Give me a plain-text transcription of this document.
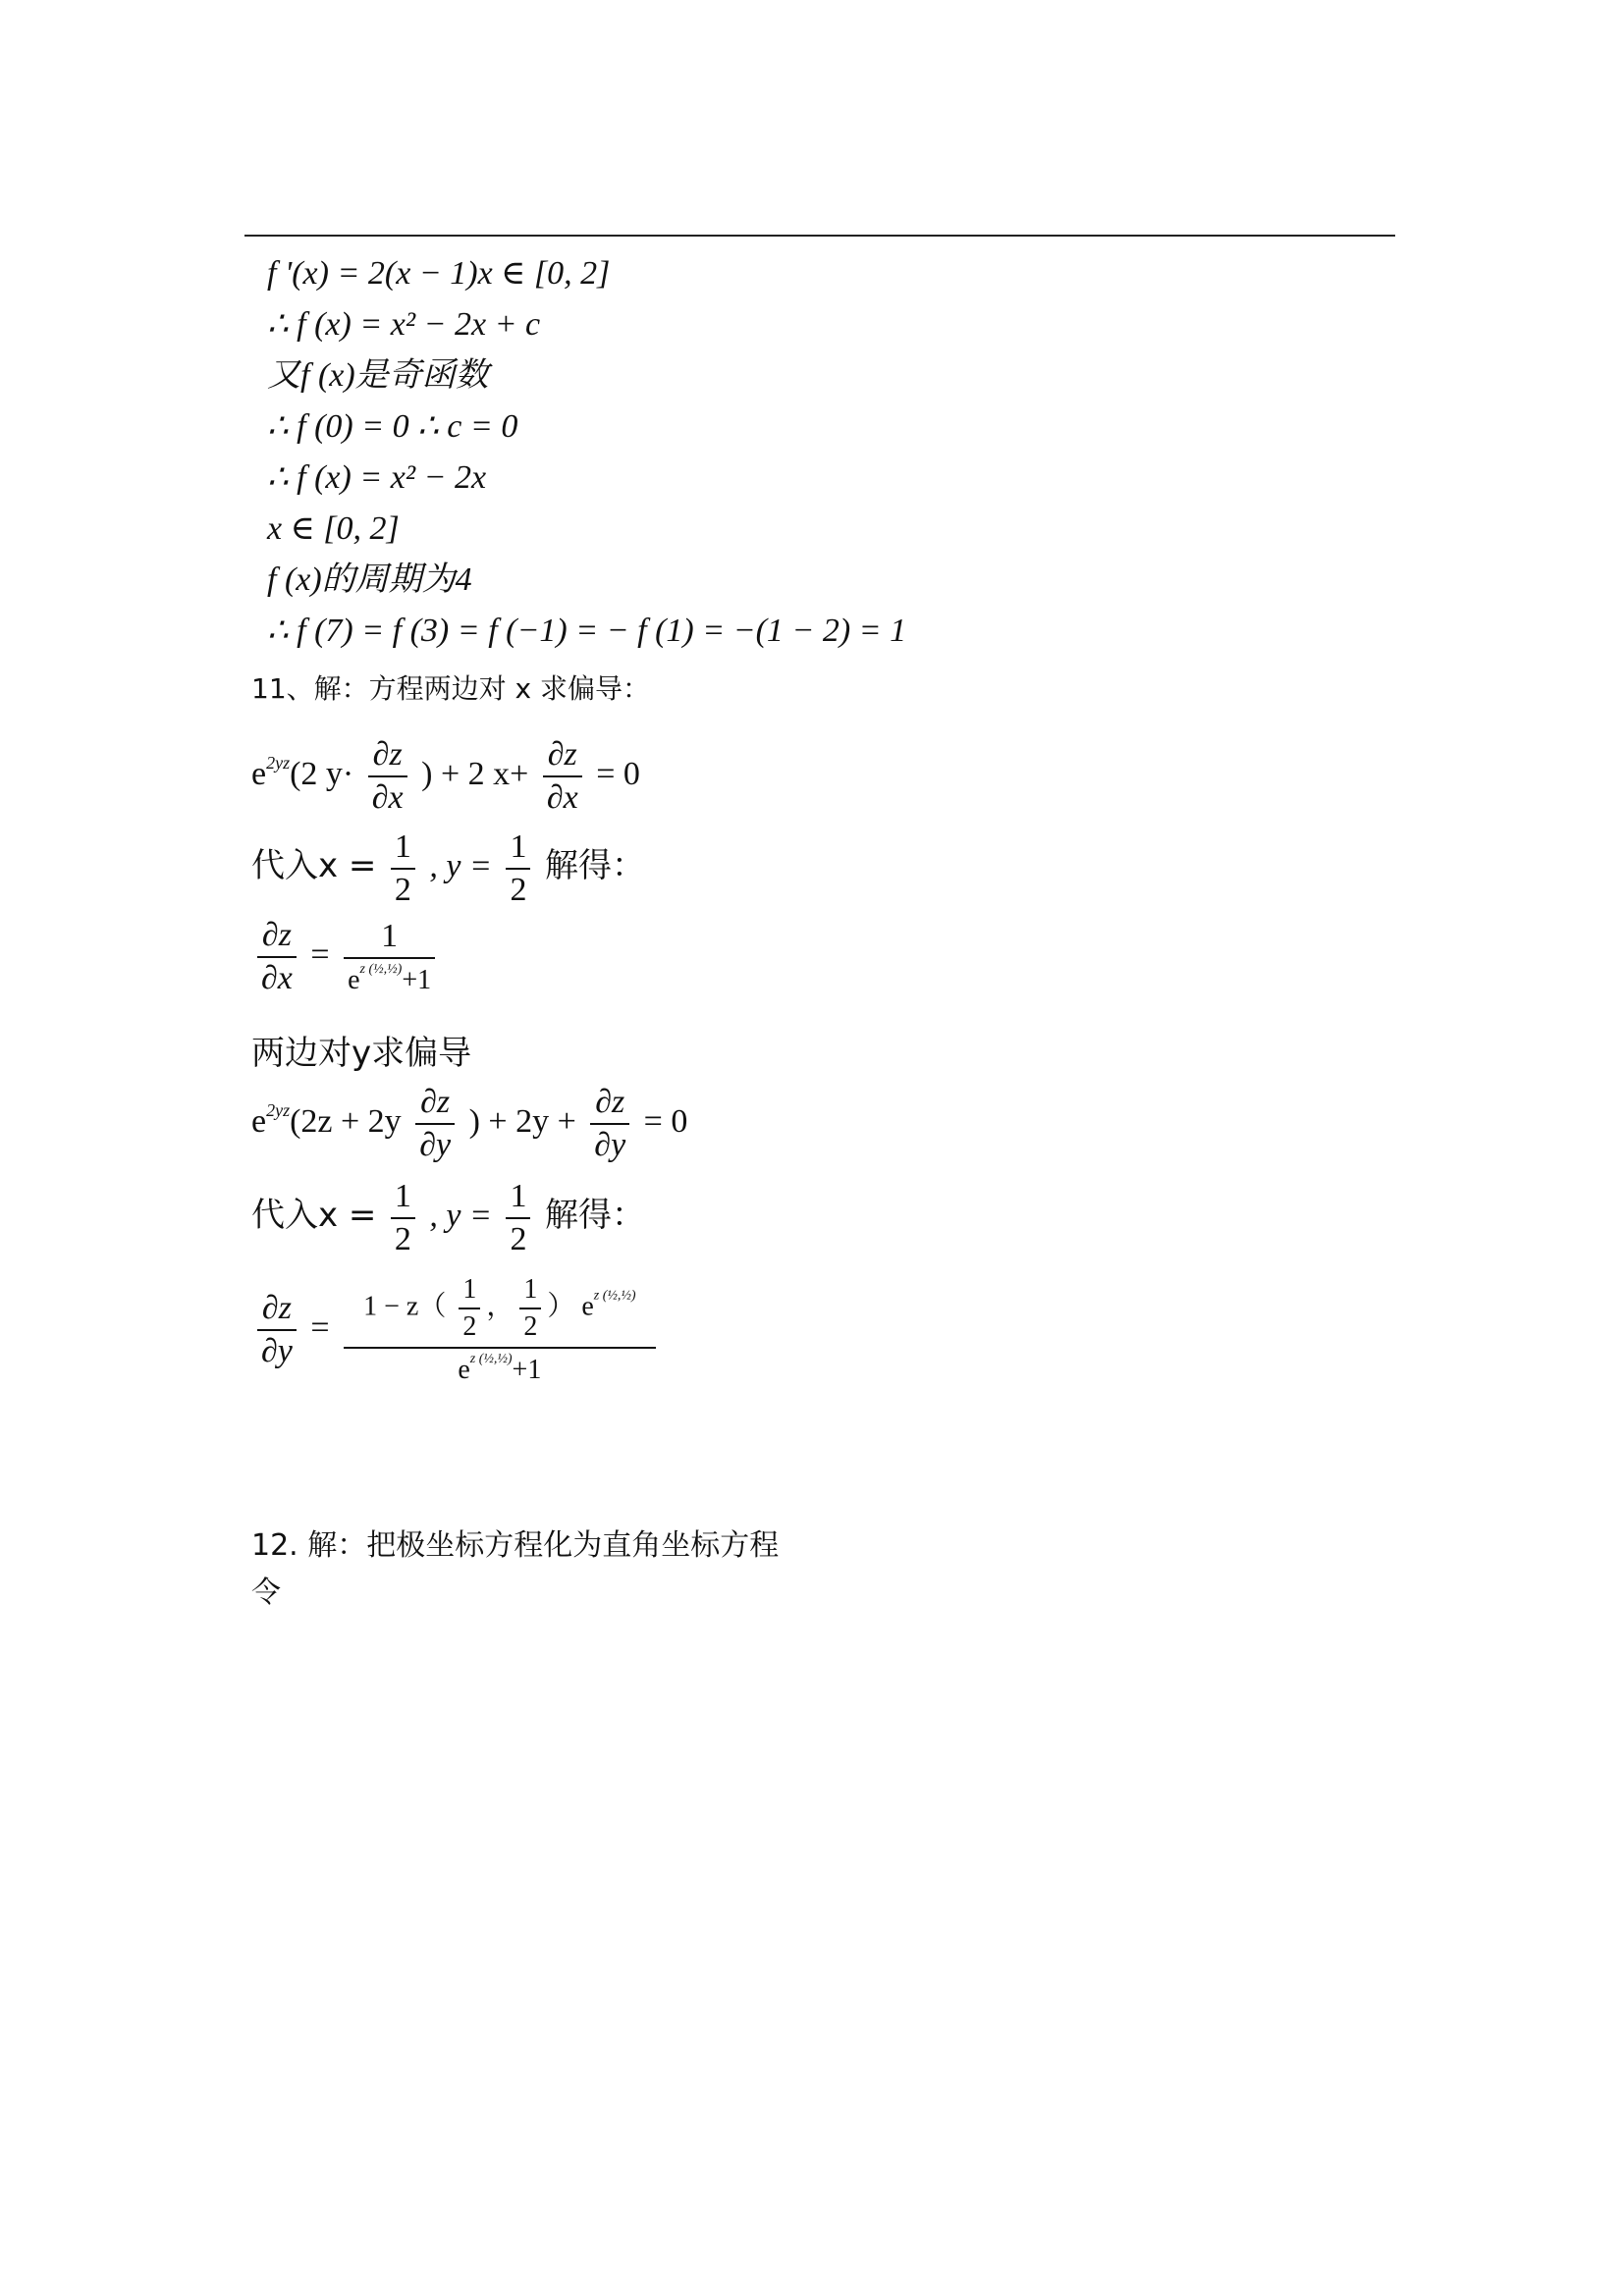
f '(x) = 2(x − 1)x ∈ [0, 2]
∴ f (x) = x² − 2x + c
又f (x)是奇函数
∴ f (0) = 0 ∴ c = 0
∴ f (x) = x² − 2x
x ∈ [0, 2]
f (x)的周期为4
∴ f (7) = f (3) = f (−1) = − f (1) = −(1 − 2) = 1
11、解：方程两边对 x 求偏导：
$e^{2yz}(2$ $y\cdot \frac{\partial z}{\partial x}$ ) + 2 $x+ \frac{\partial z}{\partial x} = 0$
代入$x = \frac{1}{2}$ , $y = \frac{1}{2}$ 解得：
$\frac{\partial z}{\partial x} = \frac{1}{e^{z (\frac{1}{2},\frac{1}{2})}+1}$
两边对y求偏导
$e^{2yz}(2z + 2y \frac{\partial z}{\partial y}$ ) + $2y + \frac{\partial z}{\partial y} = 0$
代入$x = \frac{1}{2}$ , $y = \frac{1}{2}$ 解得：
$\frac{\partial z}{\partial y} = \frac{1 - z( \frac{1}{2} , \frac{1}{2} ) e^{z (\frac{1}{2},\frac{1}{2})}}{e^{z (\frac{1}{2},\frac{1}{2})}+1}$
12. 解：把极坐标方程化为直角坐标方程
令
